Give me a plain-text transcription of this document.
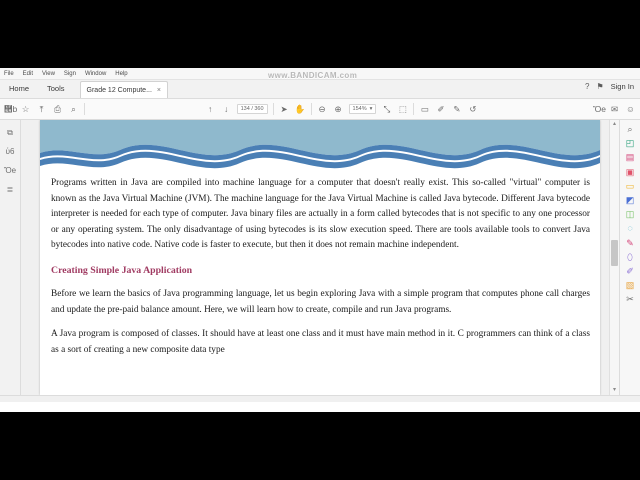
File Edit View Sign Window Help
Home	Tools	Grade 12 Compute... ×	? ⚑ Sign In
὚b ☆	⤒	⎙	⌕	↑	↓	134 / 360	➤ ✋ ⊖ ⊕	154% ▾ ⤡ ⬚ ▭ ✐ ✎ ↺	Ὄe ✉ ☺
⧉
ὑ6
Ὄe
≣

Programs written in Java are compiled into machine language for a computer that doesn't really exist. This so-called "virtual" computer is known as the Java Virtual Machine (JVM). The machine language for the Java Virtual Machine is called Java bytecode. Different Java bytecode interpreter is needed for each type of computer. Java binary files are actually in a form called bytecodes that is not specific to any one processor or any operating system. The only disadvantage of using bytecodes is its slow execution speed. There are tools available tools to convert Java bytecodes into native code. Native code is faster to execute, but then it does not remain machine independent.

Creating Simple Java Application

Before we learn the basics of Java programming language, let us begin exploring Java with a simple program that computes phone call charges and update the pre-paid balance amount. Here, we will learn how to create, compile and run Java programs.

A Java program is composed of classes. It should have at least one class and it must have main method in it. C programmers can think of a class as a sort of creating a new composite data type

▴
▾
⌕
◰
▤
▣
▭
◩
◫
◌
✎
⬯
✐
▧
✂
www.BANDICAM.com
